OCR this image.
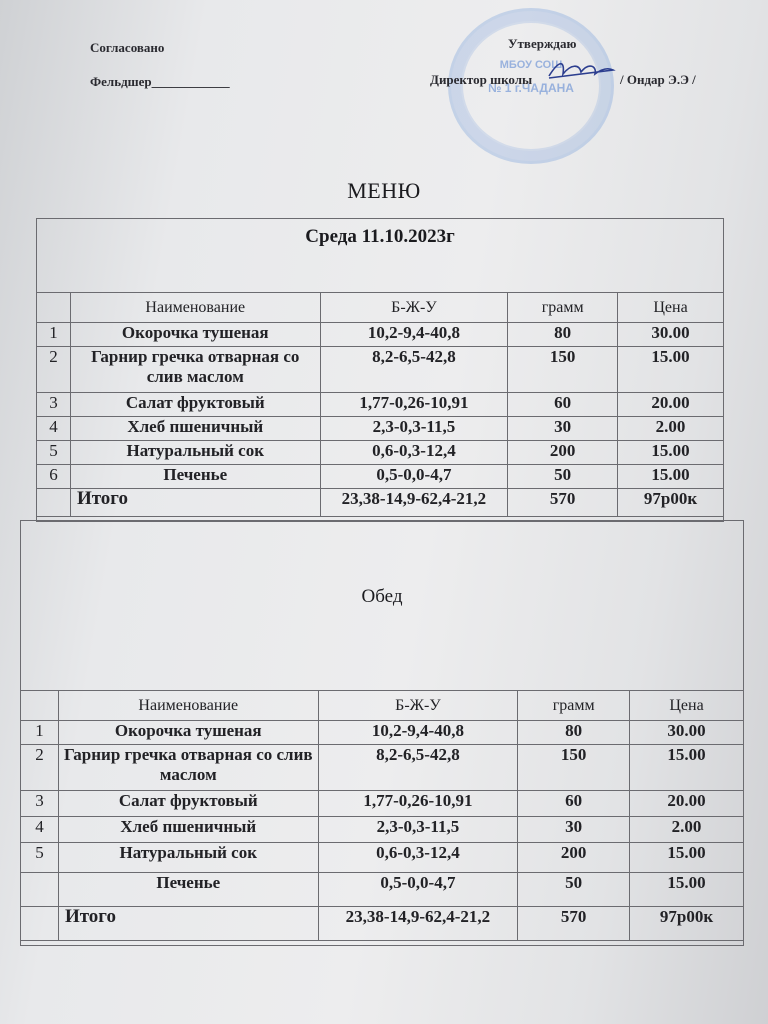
Согласовано
Фельдшер____________
МБОУ СОШ
№ 1 г.ЧАДАНА
Утверждаю
Директор школы	/ Ондар Э.Э /
МЕНЮ
Среда 11.10.2023г
	Наименование	Б-Ж-У	грамм	Цена
1	Окорочка тушеная	10,2-9,4-40,8	80	30.00
2	Гарнир гречка отварная со слив маслом	8,2-6,5-42,8	150	15.00
3	Салат фруктовый	1,77-0,26-10,91	60	20.00
4	Хлеб пшеничный	2,3-0,3-11,5	30	2.00
5	Натуральный сок	0,6-0,3-12,4	200	15.00
6	Печенье	0,5-0,0-4,7	50	15.00
	Итого	23,38-14,9-62,4-21,2	570	97р00к
Обед
	Наименование	Б-Ж-У	грамм	Цена
1	Окорочка тушеная	10,2-9,4-40,8	80	30.00
2	Гарнир гречка отварная со слив маслом	8,2-6,5-42,8	150	15.00
3	Салат фруктовый	1,77-0,26-10,91	60	20.00
4	Хлеб пшеничный	2,3-0,3-11,5	30	2.00
5	Натуральный сок	0,6-0,3-12,4	200	15.00
	Печенье	0,5-0,0-4,7	50	15.00
	Итого	23,38-14,9-62,4-21,2	570	97р00к
